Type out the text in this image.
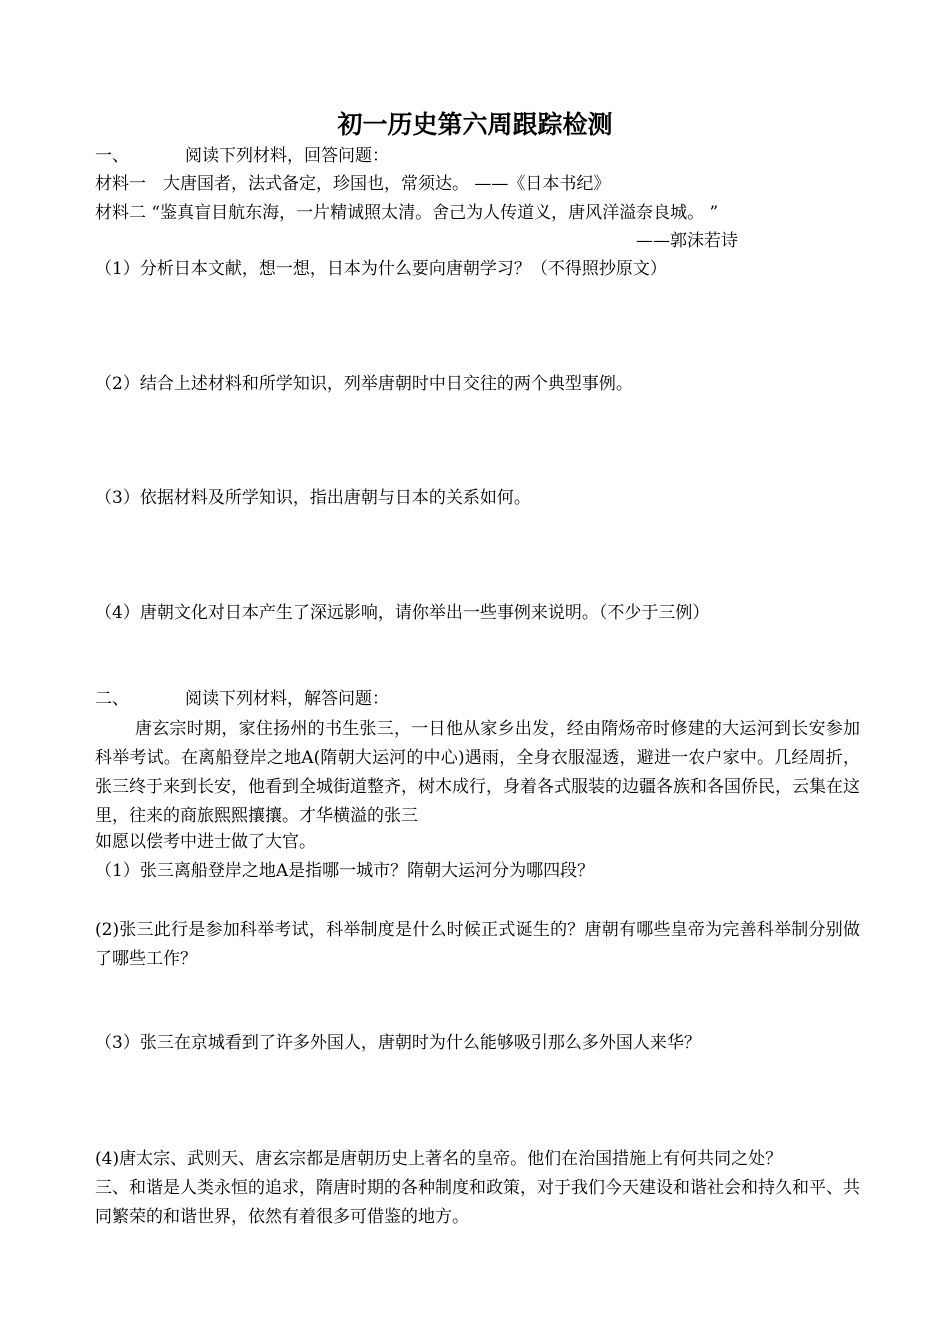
初一历史第六周跟踪检测
一、	阅读下列材料，回答问题：
材料一　大唐国者，法式备定，珍国也，常须达。 ——《日本书纪》
材料二 “鉴真盲目航东海，一片精诚照太清。舍己为人传道义，唐风洋溢奈良城。 ”
——郭沫若诗
（1）分析日本文献，想一想，日本为什么要向唐朝学习？（不得照抄原文）
（2）结合上述材料和所学知识，列举唐朝时中日交往的两个典型事例。
（3）依据材料及所学知识，指出唐朝与日本的关系如何。
（4）唐朝文化对日本产生了深远影响，请你举出一些事例来说明。（不少于三例）
二、	阅读下列材料，解答问题：
唐玄宗时期，家住扬州的书生张三，一日他从家乡出发，经由隋炀帝时修建的大运河到长安参加科举考试。在离船登岸之地A(隋朝大运河的中心)遇雨，全身衣服湿透，避进一农户家中。几经周折，张三终于来到长安，他看到全城街道整齐，树木成行，身着各式服装的边疆各族和各国侨民，云集在这里，往来的商旅熙熙攘攘。才华横溢的张三
如愿以偿考中进士做了大官。
（1）张三离船登岸之地A是指哪一城市？隋朝大运河分为哪四段？
(2)张三此行是参加科举考试，科举制度是什么时候正式诞生的？唐朝有哪些皇帝为完善科举制分别做了哪些工作？
（3）张三在京城看到了许多外国人，唐朝时为什么能够吸引那么多外国人来华？
(4)唐太宗、武则天、唐玄宗都是唐朝历史上著名的皇帝。他们在治国措施上有何共同之处？
三、和谐是人类永恒的追求，隋唐时期的各种制度和政策，对于我们今天建设和谐社会和持久和平、共同繁荣的和谐世界，依然有着很多可借鉴的地方。
